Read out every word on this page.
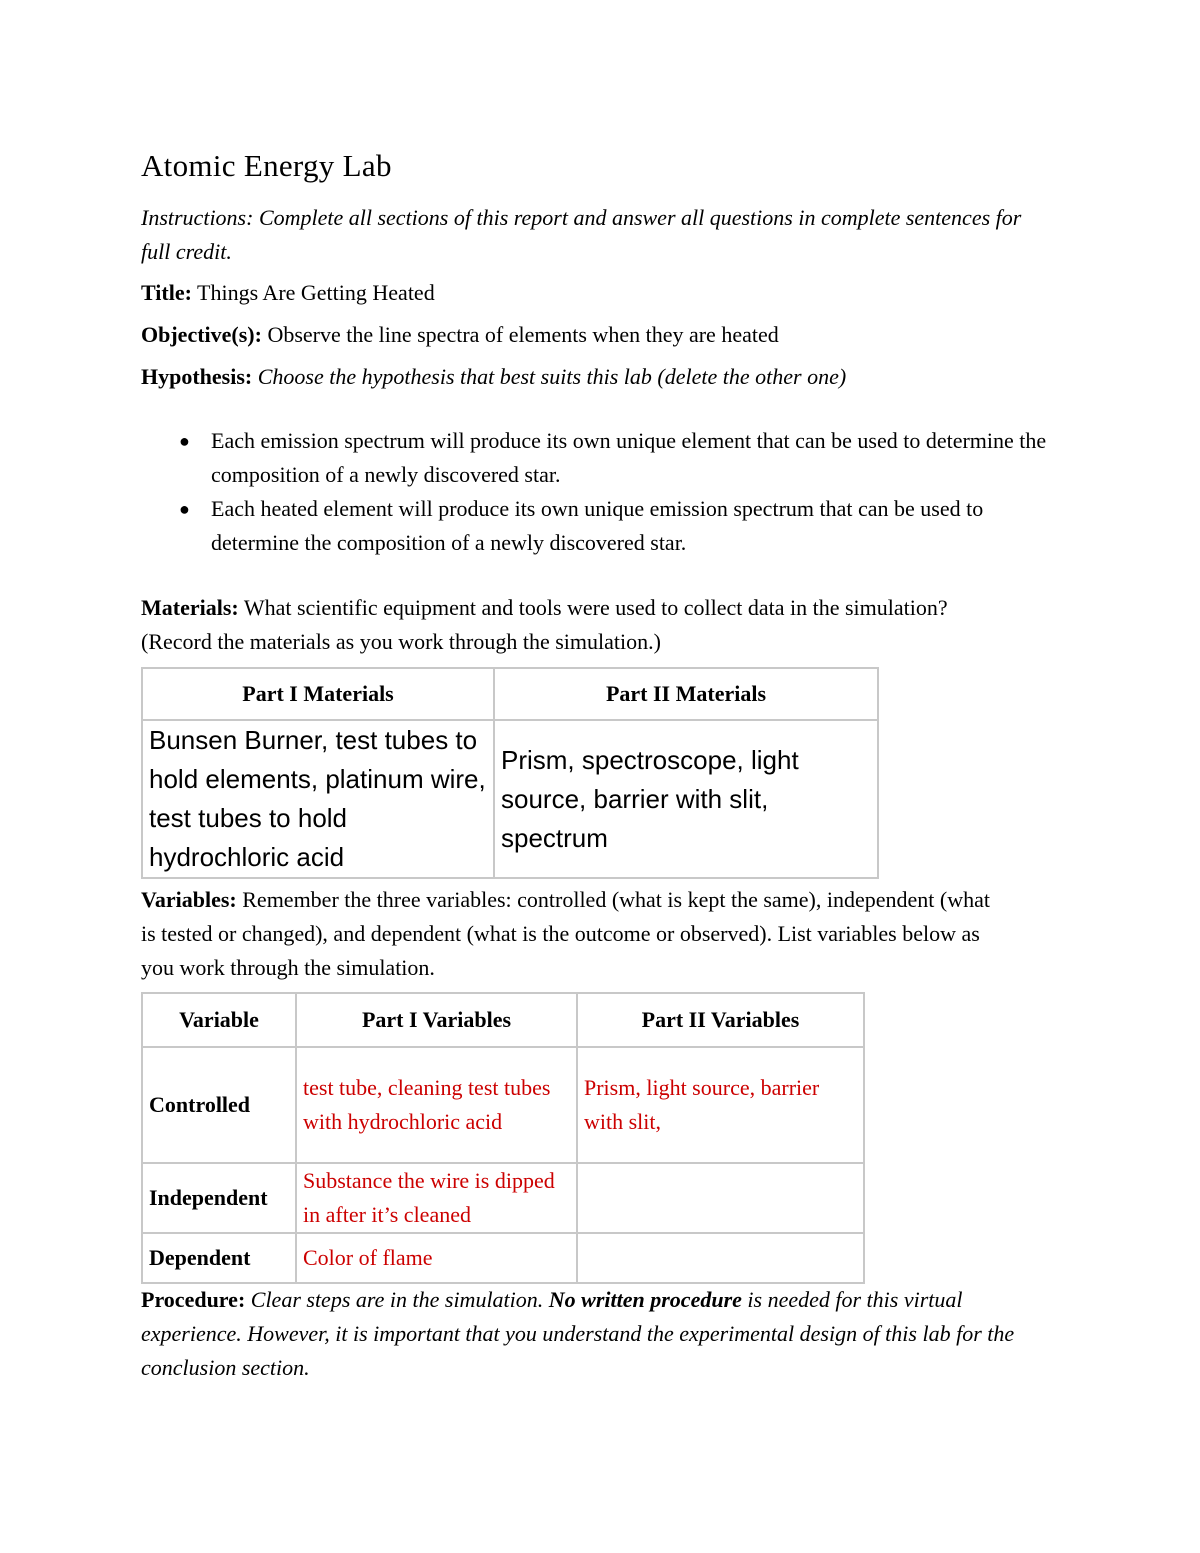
Atomic Energy Lab

Instructions: Complete all sections of this report and answer all questions in complete sentences for full credit.

Title: Things Are Getting Heated

Objective(s): Observe the line spectra of elements when they are heated

Hypothesis: Choose the hypothesis that best suits this lab (delete the other one)

● Each emission spectrum will produce its own unique element that can be used to determine the composition of a newly discovered star.
● Each heated element will produce its own unique emission spectrum that can be used to determine the composition of a newly discovered star.

Materials: What scientific equipment and tools were used to collect data in the simulation? (Record the materials as you work through the simulation.)

Part I Materials	Part II Materials
Bunsen Burner, test tubes to hold elements, platinum wire, test tubes to hold hydrochloric acid	Prism, spectroscope, light source, barrier with slit, spectrum

Variables: Remember the three variables: controlled (what is kept the same), independent (what is tested or changed), and dependent (what is the outcome or observed). List variables below as you work through the simulation.

Variable	Part I Variables	Part II Variables
Controlled	test tube, cleaning test tubes with hydrochloric acid	Prism, light source, barrier with slit,
Independent	Substance the wire is dipped in after it’s cleaned	
Dependent	Color of flame	

Procedure: Clear steps are in the simulation. No written procedure is needed for this virtual experience. However, it is important that you understand the experimental design of this lab for the conclusion section.
